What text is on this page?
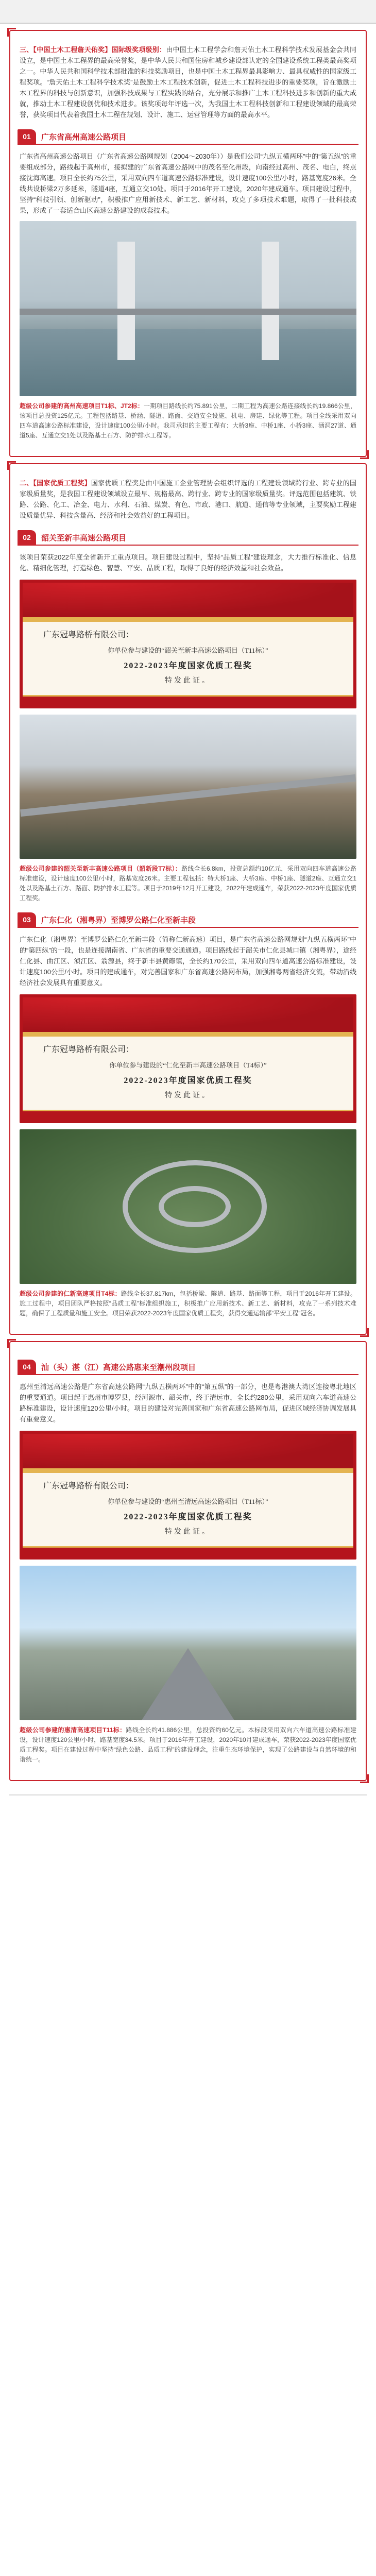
三、【中国土木工程詹天佑奖】国际级奖项级别：由中国土木工程学会和詹天佑土木工程科学技术发展基金会共同设立，是中国土木工程界的最高荣誉奖，是中华人民共和国住房和城乡建设部认定的全国建设系统工程类最高奖项之一。中华人民共和国科学技术部批准的科技奖励项目，也是中国土木工程界最具影响力、最具权威性的国家级工程奖项。“詹天佑土木工程科学技术奖”是鼓励土木工程技术创新，促进土木工程科技进步的重要奖项，旨在激励土木工程界的科技与创新意识，加强科技成果与工程实践的结合，充分展示和推广土木工程科技进步和创新的重大成就，推动土木工程建设创优和技术进步。该奖项每年评选一次，为我国土木工程科技创新和工程建设领域的最高荣誉，获奖项目代表着我国土木工程在规划、设计、施工、运营管理等方面的最高水平。

01	广东省高州高速公路项目

广东省高州高速公路项目（广东省高速公路网规划（2004～2030年））是我们公司“九纵五横两环”中的“第五纵”的重要组成部分，路线起于高州市，接拟建的广东省高速公路网中的茂名至化州段，向南经过高州、茂名、电白，终点接沈海高速。项目全长约75公里，采用双向四车道高速公路标准建设，设计速度100公里/小时，路基宽度26米。全线共设桥梁2万多延米，隧道4座，互通立交10处。项目于2016年开工建设，2020年建成通车。项目建设过程中，坚持“科技引领、创新驱动”，积极推广应用新技术、新工艺、新材料，攻克了多项技术难题，取得了一批科技成果，形成了一套适合山区高速公路建设的成套技术。

超级公司参建的高州高速项目T1标、JT2标：一期项目路线长约75.891公里，二期工程为高速公路连接线长约19.866公里，该项目总投资125亿元。工程包括路基、桥涵、隧道、路面、交通安全设施、机电、房建、绿化等工程。项目全线采用双向四车道高速公路标准建设，设计速度100公里/小时。我司承担的主要工程有：大桥3座、中桥1座、小桥3座、涵洞27道、通道5座、互通立交1处以及路基土石方、防护排水工程等。

二、【国家优质工程奖】国家优质工程奖是由中国施工企业管理协会组织评选的工程建设领域跨行业、跨专业的国家级质量奖，是我国工程建设领域设立最早、规格最高、跨行业、跨专业的国家级质量奖。评选范围包括建筑、铁路、公路、化工、冶金、电力、水利、石油、煤炭、有色、市政、港口、航道、通信等专业领域，主要奖励工程建设质量优异、科技含量高、经济和社会效益好的工程项目。

02	韶关至新丰高速公路项目

该项目荣获2022年度全省新开工重点项目。项目建设过程中，坚持“品质工程”建设理念，大力推行标准化、信息化、精细化管理，打造绿色、智慧、平安、品质工程，取得了良好的经济效益和社会效益。

广东冠粤路桥有限公司：
你单位参与建设的“韶关至新丰高速公路项目（T11标）”
2022-2023年度国家优质工程奖
特发此证。

超级公司参建的韶关至新丰高速公路项目（韶新段T7标）：路线全长6.8km，投资总额约10亿元，采用双向四车道高速公路标准建设，设计速度100公里/小时，路基宽度26米。主要工程包括：特大桥1座、大桥3座、中桥1座、隧道2座、互通立交1处以及路基土石方、路面、防护排水工程等。项目于2019年12月开工建设，2022年建成通车，荣获2022-2023年度国家优质工程奖。

03	广东仁化（湘粤界）至博罗公路仁化至新丰段

广东仁化（湘粤界）至博罗公路仁化至新丰段（简称仁新高速）项目，是广东省高速公路网规划“九纵五横两环”中的“第四纵”的一段，也是连接湖南省、广东省的重要交通通道。项目路线起于韶关市仁化县城口镇（湘粤界），途经仁化县、曲江区、浈江区、翁源县，终于新丰县黄磜镇，全长约170公里，采用双向四车道高速公路标准建设，设计速度100公里/小时。项目的建成通车，对完善国家和广东省高速公路网布局，加强湘粤两省经济交流，带动沿线经济社会发展具有重要意义。

广东冠粤路桥有限公司：
你单位参与建设的“仁化至新丰高速公路项目（T4标）”
2022-2023年度国家优质工程奖
特发此证。

超级公司参建的仁新高速项目T4标：路线全长37.817km，包括桥梁、隧道、路基、路面等工程，项目于2016年开工建设。施工过程中，项目团队严格按照“品质工程”标准组织施工，积极推广应用新技术、新工艺、新材料，攻克了一系列技术难题，确保了工程质量和施工安全。项目荣获2022-2023年度国家优质工程奖，获得交通运输部“平安工程”冠名。

04	汕（头）湛（江）高速公路惠来至潮州段项目

惠州至清远高速公路是广东省高速公路网“九纵五横两环”中的“第五纵”的一部分，也是粤港澳大湾区连接粤北地区的重要通道。项目起于惠州市博罗县，经河源市、韶关市，终于清远市，全长约280公里，采用双向六车道高速公路标准建设，设计速度120公里/小时。项目的建设对完善国家和广东省高速公路网布局，促进区域经济协调发展具有重要意义。

广东冠粤路桥有限公司：
你单位参与建设的“惠州至清远高速公路项目（T11标）”
2022-2023年度国家优质工程奖
特发此证。

超级公司参建的惠清高速项目T11标：路线全长约41.886公里，总投资约60亿元。本标段采用双向六车道高速公路标准建设，设计速度120公里/小时，路基宽度34.5米。项目于2016年开工建设，2020年10月建成通车，荣获2022-2023年度国家优质工程奖。项目在建设过程中坚持“绿色公路、品质工程”的建设理念，注重生态环境保护，实现了公路建设与自然环境的和谐统一。
